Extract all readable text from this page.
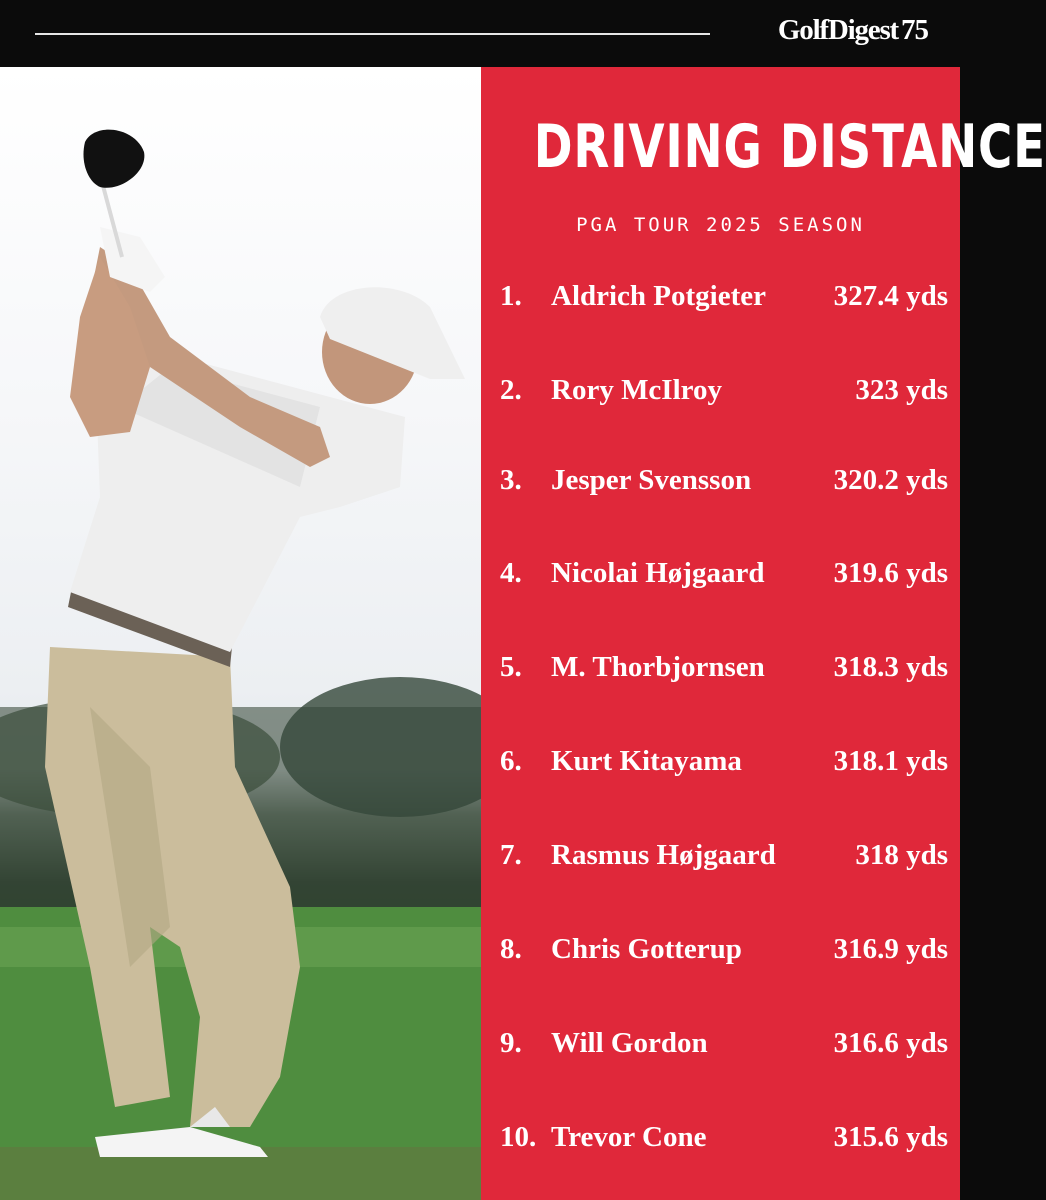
GolfDigest 75
DRIVING DISTANCE
PGA TOUR 2025 SEASON
1. Aldrich Potgieter 327.4 yds
2. Rory McIlroy	323 yds
3. Jesper Svensson	320.2 yds
4. Nicolai Højgaard 319.6 yds
5. M. Thorbjornsen 318.3 yds
6. Kurt Kitayama	318.1 yds
7. Rasmus Højgaard	318 yds
8. Chris Gotterup	316.9 yds
9. Will Gordon	316.6 yds
10. Trevor Cone	315.6 yds
